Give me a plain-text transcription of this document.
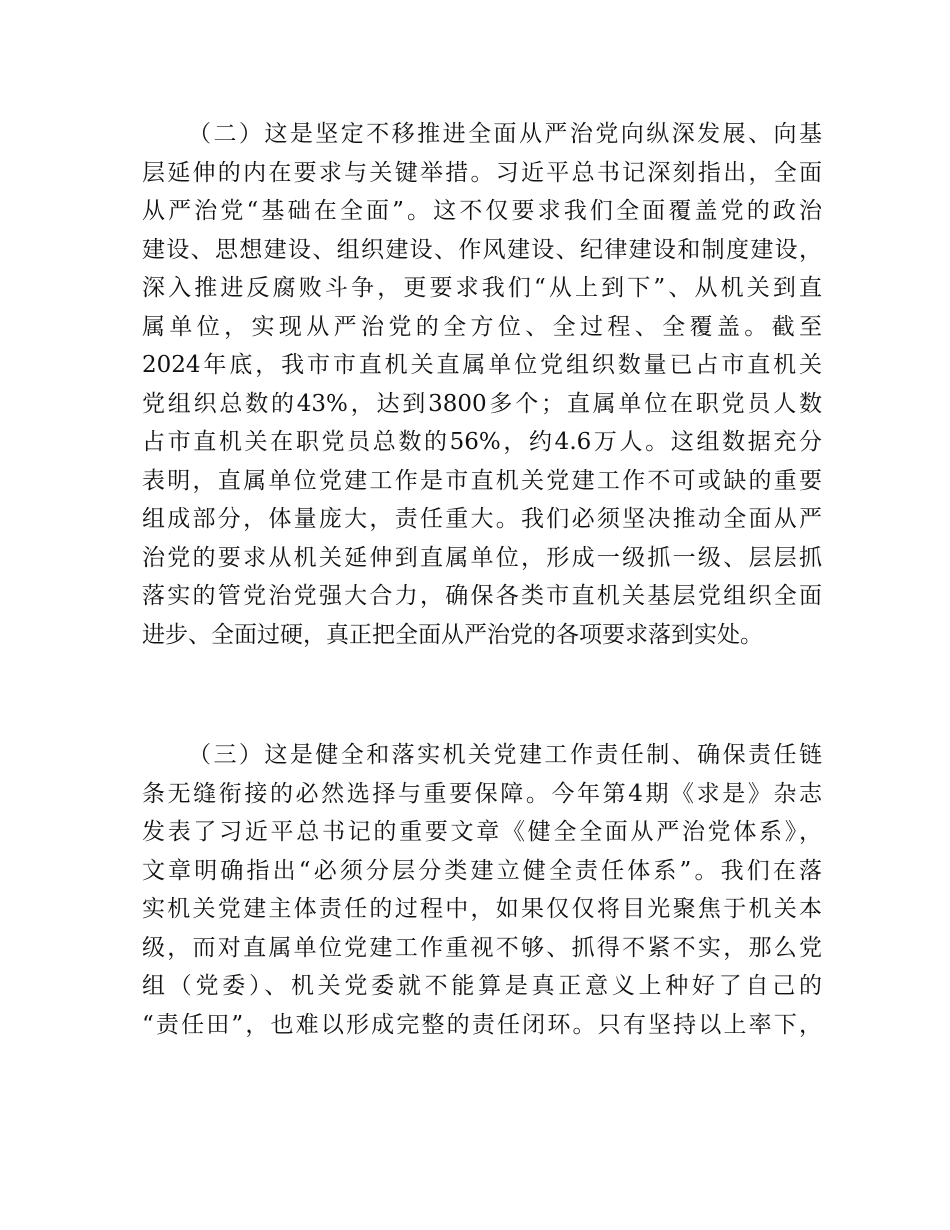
（二）这是坚定不移推进全面从严治党向纵深发展、向基
层延伸的内在要求与关键举措。习近平总书记深刻指出，全面
从严治党“基础在全面”。这不仅要求我们全面覆盖党的政治
建设、思想建设、组织建设、作风建设、纪律建设和制度建设，
深入推进反腐败斗争，更要求我们“从上到下”、从机关到直
属单位，实现从严治党的全方位、全过程、全覆盖。截至
2024年底，我市市直机关直属单位党组织数量已占市直机关
党组织总数的43%，达到3800多个；直属单位在职党员人数
占市直机关在职党员总数的56%，约4.6万人。这组数据充分
表明，直属单位党建工作是市直机关党建工作不可或缺的重要
组成部分，体量庞大，责任重大。我们必须坚决推动全面从严
治党的要求从机关延伸到直属单位，形成一级抓一级、层层抓
落实的管党治党强大合力，确保各类市直机关基层党组织全面
进步、全面过硬，真正把全面从严治党的各项要求落到实处。
（三）这是健全和落实机关党建工作责任制、确保责任链
条无缝衔接的必然选择与重要保障。今年第4期《求是》杂志
发表了习近平总书记的重要文章《健全全面从严治党体系》，
文章明确指出“必须分层分类建立健全责任体系”。我们在落
实机关党建主体责任的过程中，如果仅仅将目光聚焦于机关本
级，而对直属单位党建工作重视不够、抓得不紧不实，那么党
组（党委）、机关党委就不能算是真正意义上种好了自己的
“责任田”，也难以形成完整的责任闭环。只有坚持以上率下，
